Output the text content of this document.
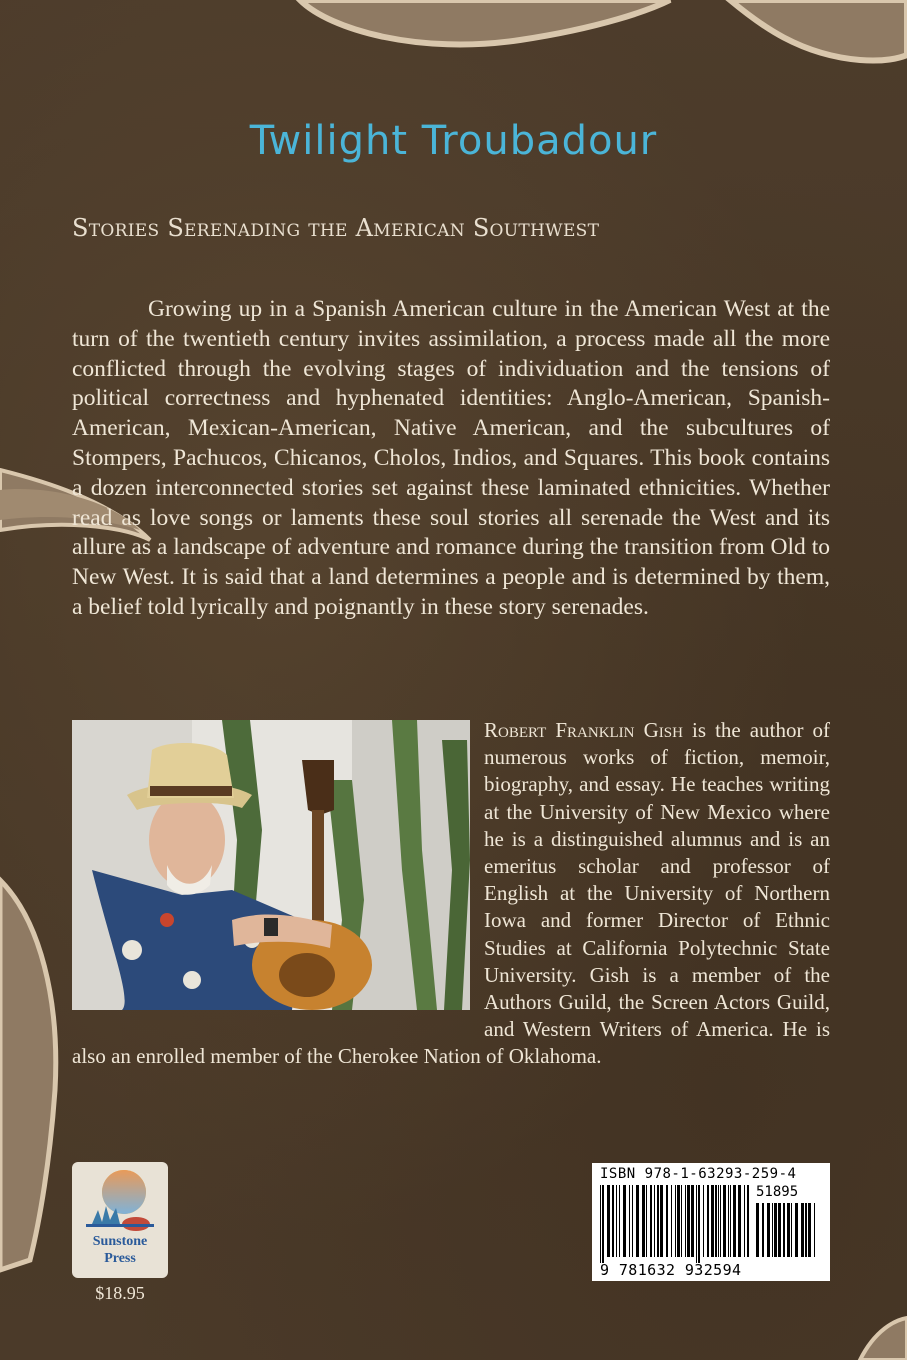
Twilight Troubadour
Stories Serenading the American Southwest

Growing up in a Spanish American culture in the American West at the turn of the twentieth century invites assimilation, a process made all the more conflicted through the evolving stages of individuation and the tensions of political correctness and hyphenated identities: Anglo-American, Spanish-American, Mexican-American, Native American, and the subcultures of Stompers, Pachucos, Chicanos, Cholos, Indios, and Squares. This book contains a dozen interconnected stories set against these laminated ethnicities. Whether read as love songs or laments these soul stories all serenade the West and its allure as a landscape of adventure and romance during the transition from Old to New West. It is said that a land determines a people and is determined by them, a belief told lyrically and poignantly in these story serenades.

Robert Franklin Gish is the author of numerous works of fiction, memoir, biography, and essay. He teaches writing at the University of New Mexico where he is a distinguished alumnus and is an emeritus scholar and professor of English at the University of Northern Iowa and former Director of Ethnic Studies at California Polytechnic State University. Gish is a member of the Authors Guild, the Screen Actors Guild, and Western Writers of America. He is also an enrolled member of the Cherokee Nation of Oklahoma.
Sunstone
Press
$18.95
ISBN 978-1-63293-259-4
51895
9 781632 932594
